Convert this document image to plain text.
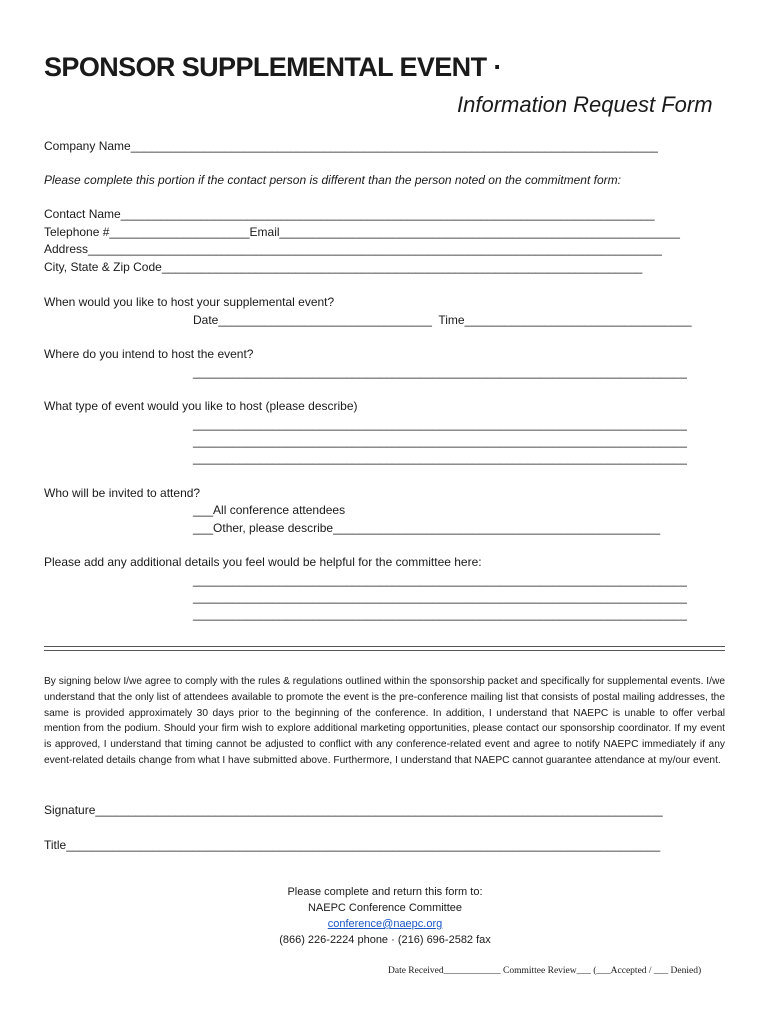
SPONSOR SUPPLEMENTAL EVENT ·
Information Request Form
Company Name_______________________________________________________________________________
Please complete this portion if the contact person is different than the person noted on the commitment form:
Contact Name________________________________________________________________________________
Telephone #_____________________Email____________________________________________________________
Address______________________________________________________________________________________
City, State & Zip Code________________________________________________________________________
When would you like to host your supplemental event?
Date________________________________  Time__________________________________
Where do you intend to host the event?
__________________________________________________________________________
What type of event would you like to host (please describe)
__________________________________________________________________________
__________________________________________________________________________
__________________________________________________________________________
Who will be invited to attend?
___All conference attendees
___Other, please describe_________________________________________________
Please add any additional details you feel would be helpful for the committee here:
__________________________________________________________________________
__________________________________________________________________________
__________________________________________________________________________
By signing below I/we agree to comply with the rules & regulations outlined within the sponsorship packet and specifically for supplemental events. I/we understand that the only list of attendees available to promote the event is the pre-conference mailing list that consists of postal mailing addresses, the same is provided approximately 30 days prior to the beginning of the conference. In addition, I understand that NAEPC is unable to offer verbal mention from the podium. Should your firm wish to explore additional marketing opportunities, please contact our sponsorship coordinator. If my event is approved, I understand that timing cannot be adjusted to conflict with any conference-related event and agree to notify NAEPC immediately if any event-related details change from what I have submitted above. Furthermore, I understand that NAEPC cannot guarantee attendance at my/our event.
Signature_____________________________________________________________________________________
Title_________________________________________________________________________________________
Please complete and return this form to:
NAEPC Conference Committee
conference@naepc.org
(866) 226-2224 phone · (216) 696-2582 fax
Date Received____________ Committee Review___ (___Accepted / ___ Denied)
